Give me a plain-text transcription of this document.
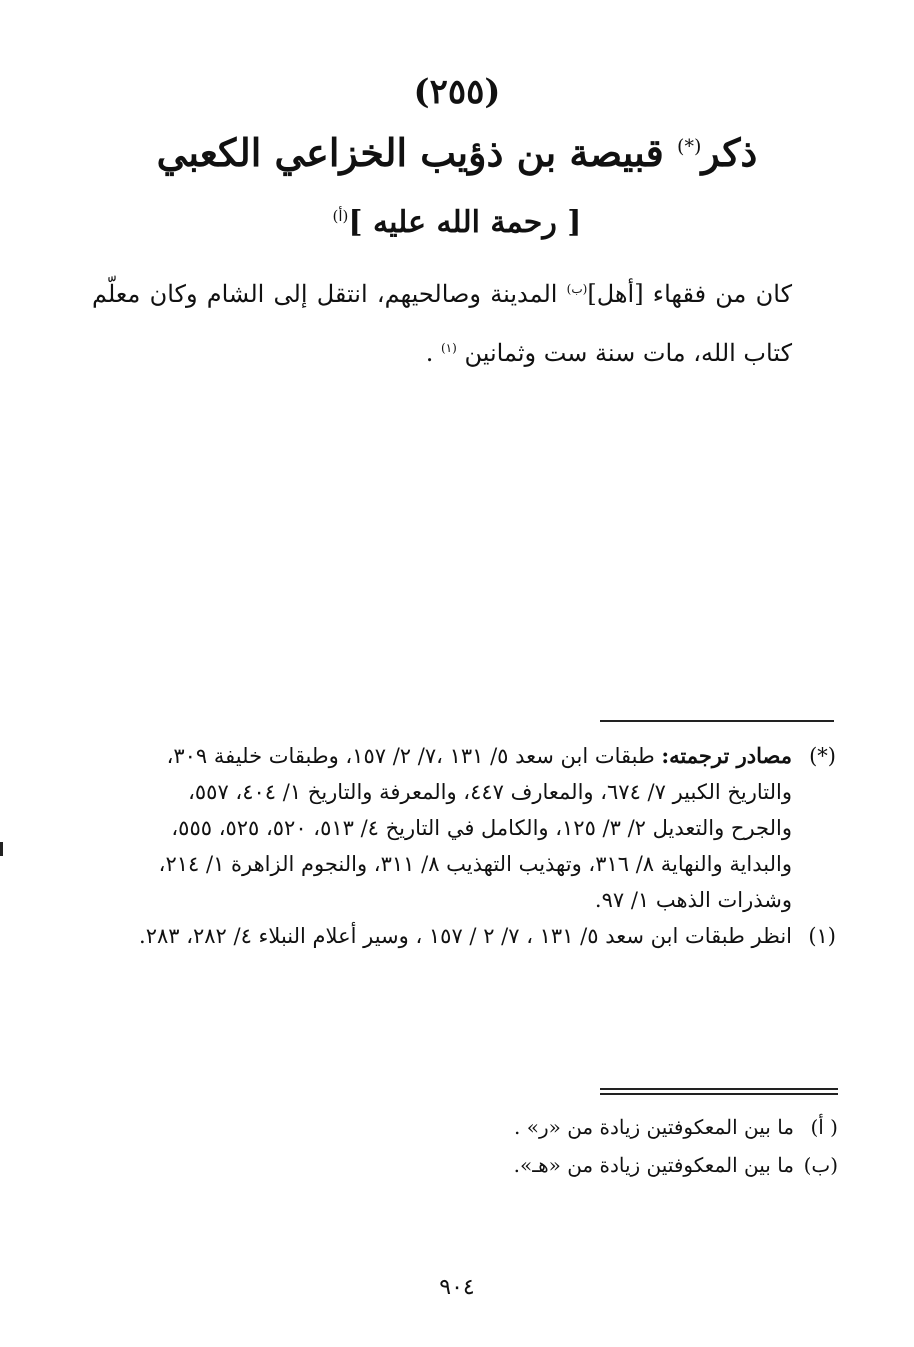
(٢٥٥)
ذكر(*) قبيصة بن ذؤيب الخزاعي الكعبي
[ رحمة الله عليه ]$^{(أ)}$
كان من فقهاء [أهل]$^{(ب)}$ المدينة وصالحيهم، انتقل إلى الشام وكان معلّم كتاب الله، مات سنة ست وثمانين $^{(١)}$ .

(*)
مصادر ترجمته: طبقات ابن سعد ٥/ ١٣١ ،٧/ ٢/ ١٥٧، وطبقات خليفة ٣٠٩، والتاريخ الكبير ٧/ ٦٧٤، والمعارف ٤٤٧، والمعرفة والتاريخ ١/ ٤٠٤، ٥٥٧، والجرح والتعديل ٢/ ٣/ ١٢٥، والكامل في التاريخ ٤/ ٥١٣، ٥٢٠، ٥٢٥، ٥٥٥، والبداية والنهاية ٨/ ٣١٦، وتهذيب التهذيب ٨/ ٣١١، والنجوم الزاهرة ١/ ٢١٤، وشذرات الذهب ١/ ٩٧.

(١)
انظر طبقات ابن سعد ٥/ ١٣١ ، ٧/ ٢ / ١٥٧ ، وسير أعلام النبلاء ٤/ ٢٨٢، ٢٨٣.

( أ)
ما بين المعكوفتين زيادة من «ر» .

(ب)
ما بين المعكوفتين زيادة من «هـ».

٩٠٤
